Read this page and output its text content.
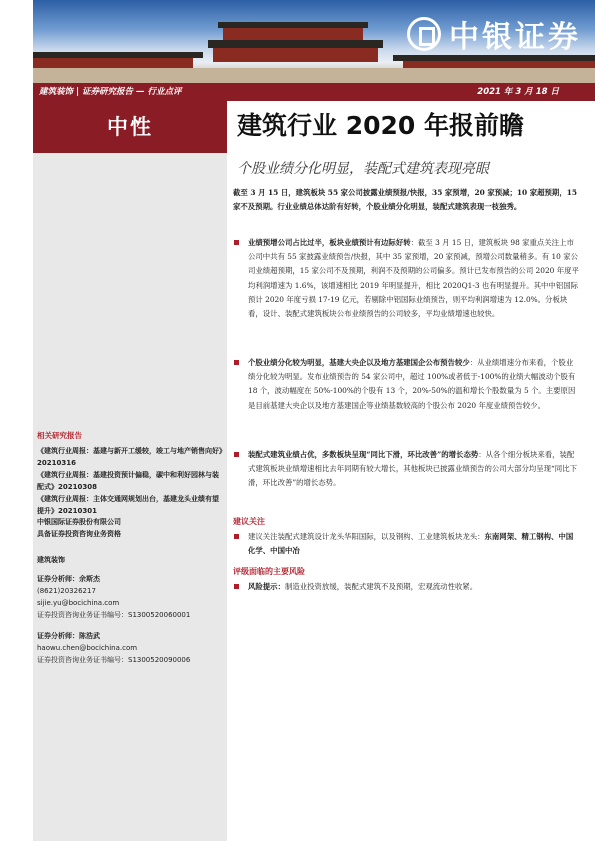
中银证券
建筑装饰 | 证券研究报告 — 行业点评	2021 年 3 月 18 日
中性
相关研究报告
《建筑行业周报：基建与新开工缓较，竣工与地产销售向好》20210316
《建筑行业周报：基建投资预计偏稳，碳中和利好园林与装配式》20210308
《建筑行业周报：主体交通网规划出台，基建龙头业绩有望提升》20210301
中银国际证券股份有限公司
具备证券投资咨询业务资格
建筑装饰
证券分析师：余斯杰
(8621)20326217
sijie.yu@bocichina.com
证券投资咨询业务证书编号：S1300520060001
证券分析师：陈浩武
haowu.chen@bocichina.com
证券投资咨询业务证书编号：S1300520090006
建筑行业 2020 年报前瞻
个股业绩分化明显，装配式建筑表现亮眼
截至 3 月 15 日，建筑板块 55 家公司披露业绩预报/快报，35 家预增，20 家预减；10 家超预期，15 家不及预期。行业业绩总体达阶有好转，个股业绩分化明显，装配式建筑表现一枝独秀。
业绩预增公司占比过半，板块业绩预计有边际好转：截至 3 月 15 日，建筑板块 98 家重点关注上市公司中共有 55 家披露业绩预告/快报，其中 35 家预增，20 家预减，预增公司数量稍多。有 10 家公司业绩超预期，15 家公司不及预期，利润不及预期的公司偏多。预计已发布预告的公司 2020 年度平均利润增速为 1.6%，该增速相比 2019 年明显提升，相比 2020Q1-3 也有明显提升。其中中铝国际预计 2020 年度亏损 17-19 亿元，若剔除中铝国际业绩预告，则平均利润增速为 12.0%。分板块看，设计、装配式建筑板块公布业绩预告的公司较多，平均业绩增速也较快。
个股业绩分化较为明显，基建大央企以及地方基建国企公布预告较少：从业绩增速分布来看，个股业绩分化较为明显。发布业绩预告的 54 家公司中，超过 100%或者低于-100%的业绩大幅波动个股有 18 个，波动幅度在 50%-100%的个股有 13 个，20%-50%的温和增长个股数量为 5 个。主要原因是目前基建大央企以及地方基建国企等业绩基数较高的个股公布 2020 年度业绩预告较少。
装配式建筑业绩占优，多数板块呈现“同比下滑，环比改善”的增长态势：从各个细分板块来看，装配式建筑板块业绩增速相比去年同期有较大增长，其他板块已披露业绩预告的公司大部分均呈现“同比下滑，环比改善”的增长态势。
建议关注
建议关注装配式建筑设计龙头华阳国际，以及钢构、工业建筑板块龙头：东南网架、精工钢构、中国化学、中国中冶
评级面临的主要风险
风险提示：制造业投资放缓，装配式建筑不及预期，宏观流动性收紧。
